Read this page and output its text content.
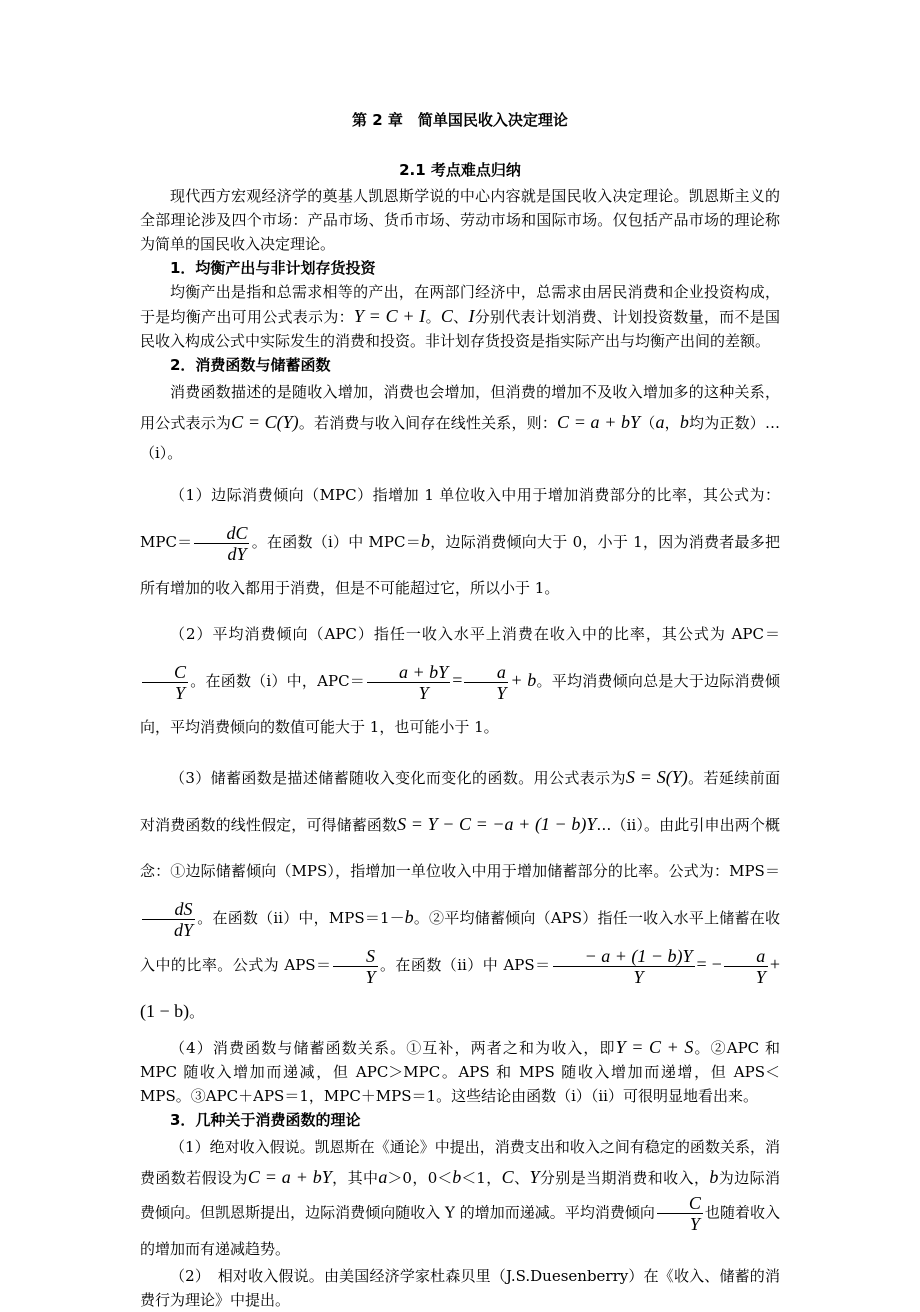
第 2 章　简单国民收入决定理论
2.1 考点难点归纳

现代西方宏观经济学的奠基人凯恩斯学说的中心内容就是国民收入决定理论。凯恩斯主义的全部理论涉及四个市场：产品市场、货币市场、劳动市场和国际市场。仅包括产品市场的理论称为简单的国民收入决定理论。

1．均衡产出与非计划存货投资

均衡产出是指和总需求相等的产出，在两部门经济中，总需求由居民消费和企业投资构成，于是均衡产出可用公式表示为：Y = C + I。C、I分别代表计划消费、计划投资数量，而不是国民收入构成公式中实际发生的消费和投资。非计划存货投资是指实际产出与均衡产出间的差额。

2．消费函数与储蓄函数

消费函数描述的是随收入增加，消费也会增加，但消费的增加不及收入增加多的这种关系，用公式表示为C = C(Y)。若消费与收入间存在线性关系，则：C = a + bY（a，b均为正数）…（i）。

（1）边际消费倾向（MPC）指增加 1 单位收入中用于增加消费部分的比率，其公式为：$MPC= \frac{dC}{dY}$ 。在函数（i）中 MPC＝b，边际消费倾向大于 0，小于 1，因为消费者最多把所有增加的收入都用于消费，但是不可能超过它，所以小于 1。

（2）平均消费倾向（APC）指任一收入水平上消费在收入中的比率，其公式为 APC＝
$\frac{C}{Y}$ 。在函数（i）中，$APC= \frac{a + bY}{Y} = \frac{a}{Y} + b$。平均消费倾向总是大于边际消费倾向，平均消费倾向的数值可能大于 1，也可能小于 1。

（3）储蓄函数是描述储蓄随收入变化而变化的函数。用公式表示为S = S(Y)。若延续前面对消费函数的线性假定，可得储蓄函数S = Y − C = −a + (1 − b)Y…（ii）。由此引申出两个概念：①边际储蓄倾向（MPS），指增加一单位收入中用于增加储蓄部分的比率。公式为：MPS＝
$\frac{dS}{dY}$ 。在函数（ii）中，MPS＝1－b。②平均储蓄倾向（APS）指任一收入水平上储蓄在收入中的比率。公式为 $APS= \frac{S}{Y}$ 。在函数（ii）中 $APS= \frac{- a + (1 - b)Y}{Y}$ = − $\frac{a}{Y} + (1 - b)$。

（4）消费函数与储蓄函数关系。①互补，两者之和为收入，即Y = C + S。②APC 和 MPC 随收入增加而递减，但 APC＞MPC。APS 和 MPS 随收入增加而递增，但 APS＜MPS。③APC＋APS＝1，MPC＋MPS＝1。这些结论由函数（i）（ii）可很明显地看出来。

3．几种关于消费函数的理论

（1）绝对收入假说。凯恩斯在《通论》中提出，消费支出和收入之间有稳定的函数关系，消费函数若假设为C = a + bY，其中a＞0，0＜b＜1，C、Y分别是当期消费和收入，b为边际消费倾向。但凯恩斯提出，边际消费倾向随收入 Y 的增加而递减。平均消费倾向 $\frac{C}{Y}$ 也随着收入的增加而有递减趋势。

（2）　相对收入假说。由美国经济学家杜森贝里（J.S.Duesenberry）在《收入、储蓄的消费行为理论》中提出。
